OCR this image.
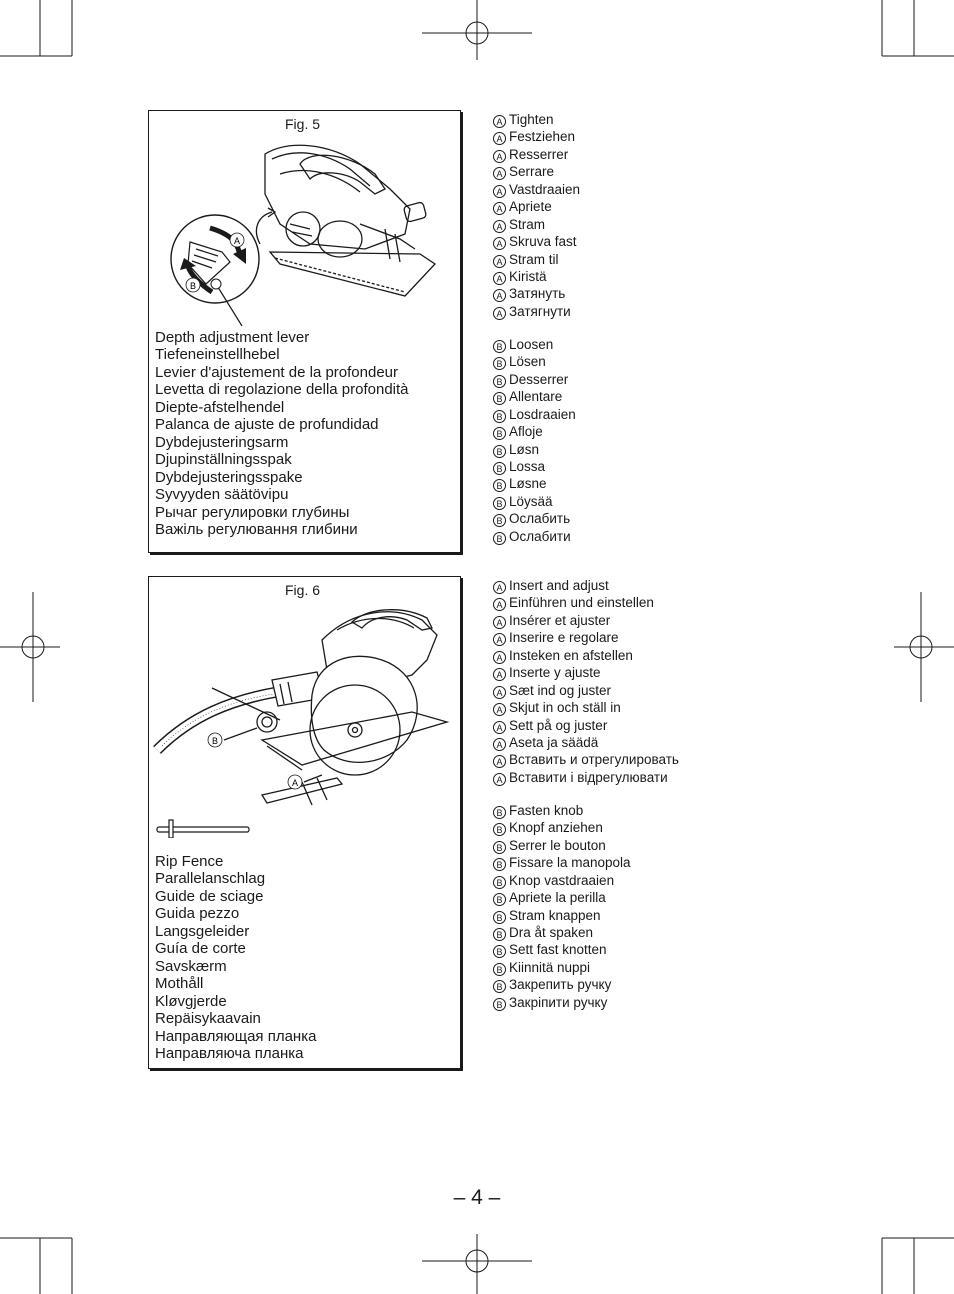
Fig. 5
A
B
Depth adjustment lever
Tiefeneinstellhebel
Levier d'ajustement de la profondeur
Levetta di regolazione della profondità
Diepte-afstelhendel
Palanca de ajuste de profundidad
Dybdejusteringsarm
Djupinställningsspak
Dybdejusteringsspake
Syvyyden säätövipu
Рычаг регулировки глубины
Важіль регулювання глибини
A Tighten
A Festziehen
A Resserrer
A Serrare
A Vastdraaien
A Apriete
A Stram
A Skruva fast
A Stram til
A Kiristä
A Затянуть
A Затягнути
B Loosen
B Lösen
B Desserrer
B Allentare
B Losdraaien
B Afloje
B Løsn
B Lossa
B Løsne
B Löysää
B Ослабить
B Ослабити
Fig. 6
B
A
Rip Fence
Parallelanschlag
Guide de sciage
Guida pezzo
Langsgeleider
Guía de corte
Savskærm
Mothåll
Kløvgjerde
Repäisykaavain
Направляющая планка
Направляюча планка
A Insert and adjust
A Einführen und einstellen
A Insérer et ajuster
A Inserire e regolare
A Insteken en afstellen
A Inserte y ajuste
A Sæt ind og juster
A Skjut in och ställ in
A Sett på og juster
A Aseta ja säädä
A Вставить и отрегулировать
A Вставити і відрегулювати
B Fasten knob
B Knopf anziehen
B Serrer le bouton
B Fissare la manopola
B Knop vastdraaien
B Apriete la perilla
B Stram knappen
B Dra åt spaken
B Sett fast knotten
B Kiinnitä nuppi
B Закрепить ручку
B Закріпити ручку
– 4 –
